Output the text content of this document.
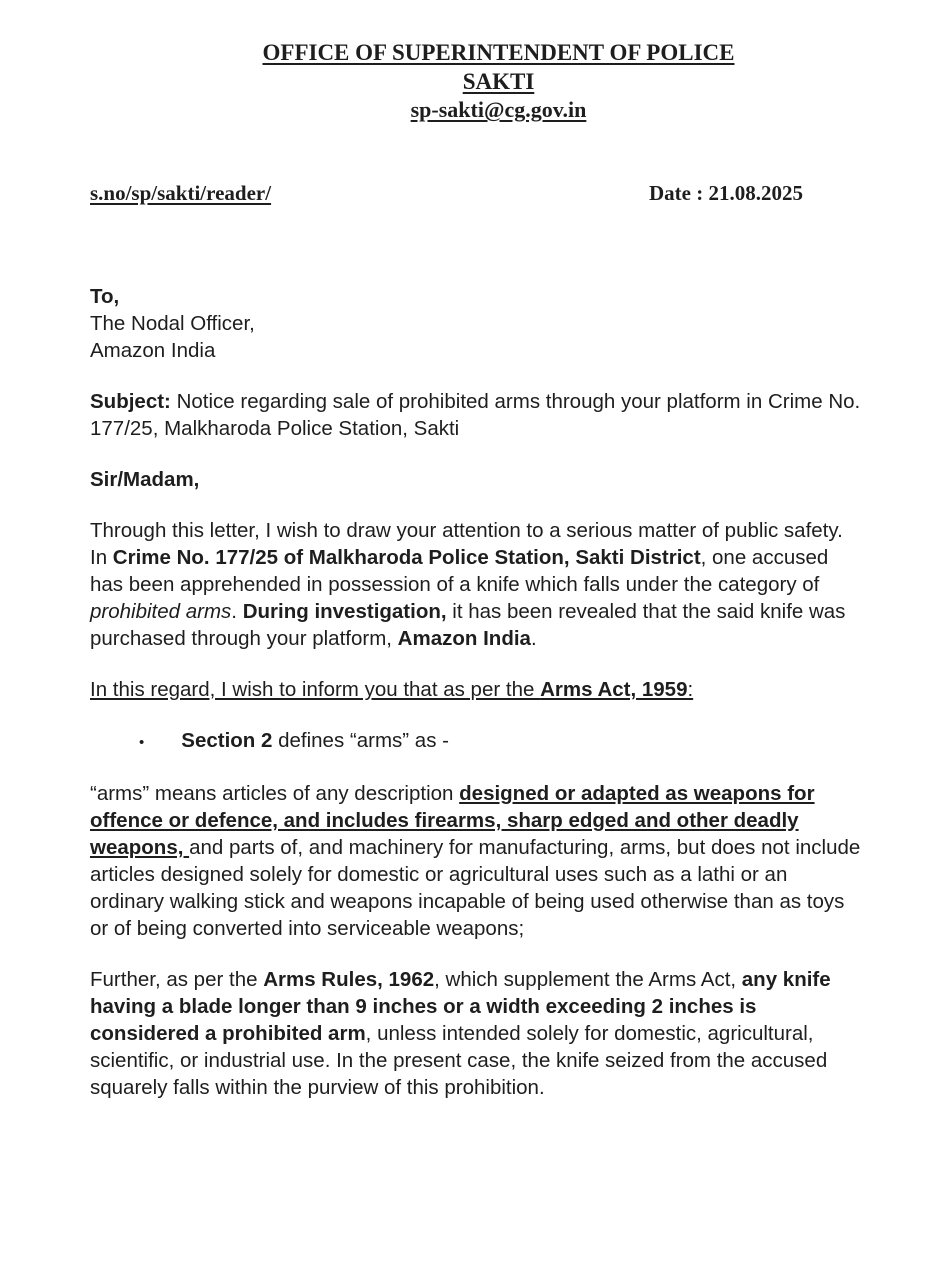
OFFICE OF SUPERINTENDENT OF POLICE
SAKTI
sp-sakti@cg.gov.in
s.no/sp/sakti/reader/	Date : 21.08.2025
To,
The Nodal Officer,
Amazon India

Subject: Notice regarding sale of prohibited arms through your platform in Crime No. 177/25, Malkharoda Police Station, Sakti

Sir/Madam,

Through this letter, I wish to draw your attention to a serious matter of public safety. In Crime No. 177/25 of Malkharoda Police Station, Sakti District, one accused has been apprehended in possession of a knife which falls under the category of prohibited arms. During investigation, it has been revealed that the said knife was purchased through your platform, Amazon India.

In this regard, I wish to inform you that as per the Arms Act, 1959:

• Section 2 defines “arms” as -

“arms” means articles of any description designed or adapted as weapons for offence or defence, and includes firearms, sharp edged and other deadly weapons, and parts of, and machinery for manufacturing, arms, but does not include articles designed solely for domestic or agricultural uses such as a lathi or an ordinary walking stick and weapons incapable of being used otherwise than as toys or of being converted into serviceable weapons;

Further, as per the Arms Rules, 1962, which supplement the Arms Act, any knife having a blade longer than 9 inches or a width exceeding 2 inches is considered a prohibited arm, unless intended solely for domestic, agricultural, scientific, or industrial use. In the present case, the knife seized from the accused squarely falls within the purview of this prohibition.
